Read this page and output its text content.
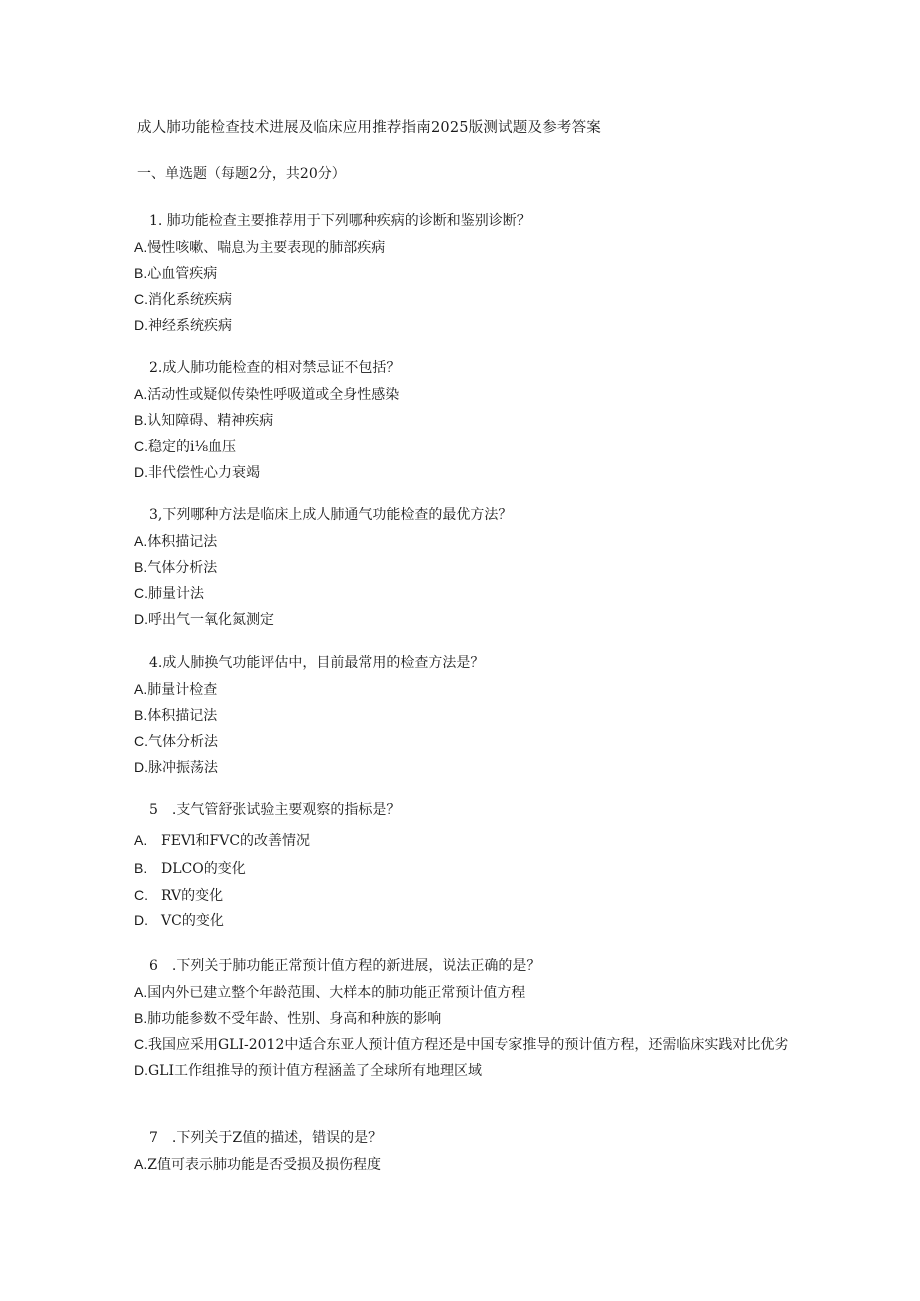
成人肺功能检查技术进展及临床应用推荐指南2025版测试题及参考答案
一、单选题（每题2分，共20分）
1. 肺功能检查主要推荐用于下列哪种疾病的诊断和鉴别诊断？
A.慢性咳嗽、喘息为主要表现的肺部疾病
B.心血管疾病
C.消化系统疾病
D.神经系统疾病
2.成人肺功能检查的相对禁忌证不包括？
A.活动性或疑似传染性呼吸道或全身性感染
B.认知障碍、精神疾病
C.稳定的i⅛血压
D.非代偿性心力衰竭
3,下列哪种方法是临床上成人肺通气功能检查的最优方法？
A.体积描记法
B.气体分析法
C.肺量计法
D.呼出气一氧化氮测定
4.成人肺换气功能评估中，目前最常用的检查方法是？
A.肺量计检查
B.体积描记法
C.气体分析法
D.脉冲振荡法
5　.支气管舒张试验主要观察的指标是？
A. FEVl和FVC的改善情况
B. DLCO的变化
C. RV的变化
D. VC的变化
6　.下列关于肺功能正常预计值方程的新进展，说法正确的是？
A.国内外已建立整个年龄范围、大样本的肺功能正常预计值方程
B.肺功能参数不受年龄、性别、身高和种族的影响
C.我国应采用GLI-2012中适合东亚人预计值方程还是中国专家推导的预计值方程，还需临床实践对比优劣
D.GLI工作组推导的预计值方程涵盖了全球所有地理区域
7　.下列关于Z值的描述，错误的是？
A.Z值可表示肺功能是否受损及损伤程度
